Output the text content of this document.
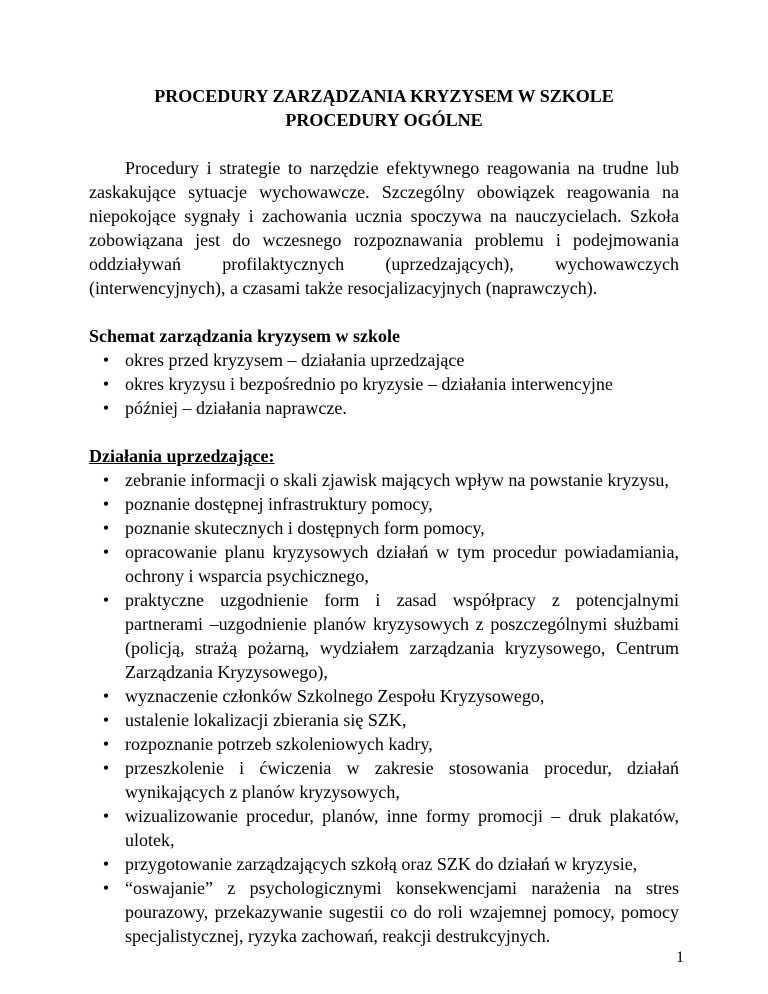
PROCEDURY ZARZĄDZANIA KRYZYSEM W SZKOLE

PROCEDURY OGÓLNE

Procedury i strategie to narzędzie efektywnego reagowania na trudne lub zaskakujące sytuacje wychowawcze. Szczególny obowiązek reagowania na niepokojące sygnały i zachowania ucznia spoczywa na nauczycielach. Szkoła zobowiązana jest do wczesnego rozpoznawania problemu i podejmowania oddziaływań profilaktycznych (uprzedzających), wychowawczych (interwencyjnych), a czasami także resocjalizacyjnych (naprawczych).

Schemat zarządzania kryzysem w szkole

• okres przed kryzysem – działania uprzedzające
• okres kryzysu i bezpośrednio po kryzysie – działania interwencyjne
• później – działania naprawcze.

Działania uprzedzające:

• zebranie informacji o skali zjawisk mających wpływ na powstanie kryzysu,
• poznanie dostępnej infrastruktury pomocy,
• poznanie skutecznych i dostępnych form pomocy,
• opracowanie planu kryzysowych działań w tym procedur powiadamiania, ochrony i wsparcia psychicznego,
• praktyczne uzgodnienie form i zasad współpracy z potencjalnymi partnerami –uzgodnienie planów kryzysowych z poszczególnymi służbami (policją, strażą pożarną, wydziałem zarządzania kryzysowego, Centrum Zarządzania Kryzysowego),
• wyznaczenie członków Szkolnego Zespołu Kryzysowego,
• ustalenie lokalizacji zbierania się SZK,
• rozpoznanie potrzeb szkoleniowych kadry,
• przeszkolenie i ćwiczenia w zakresie stosowania procedur, działań wynikających z planów kryzysowych,
• wizualizowanie procedur, planów, inne formy promocji – druk plakatów, ulotek,
• przygotowanie zarządzających szkołą oraz SZK do działań w kryzysie,
• “oswajanie” z psychologicznymi konsekwencjami narażenia na stres pourazowy, przekazywanie sugestii co do roli wzajemnej pomocy, pomocy specjalistycznej, ryzyka zachowań, reakcji destrukcyjnych.
1
